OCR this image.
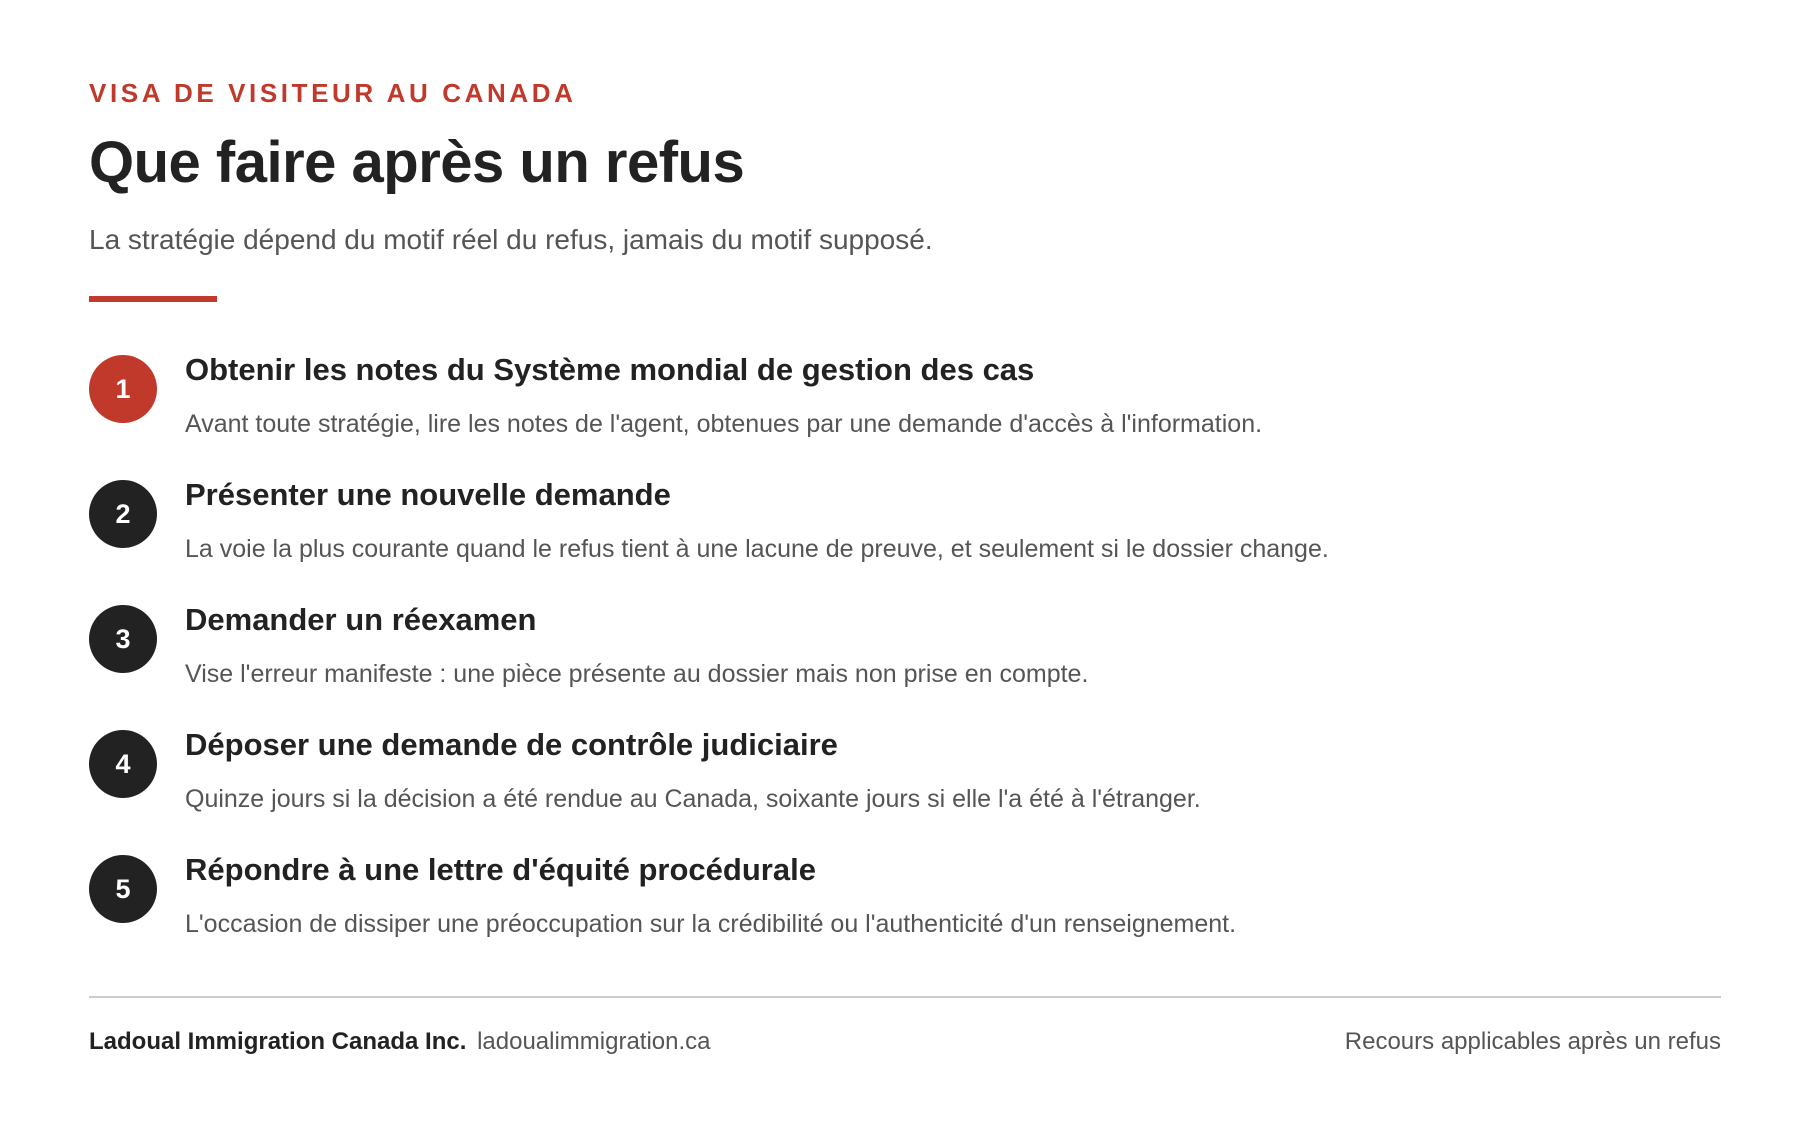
VISA DE VISITEUR AU CANADA
Que faire après un refus
La stratégie dépend du motif réel du refus, jamais du motif supposé.
1
Obtenir les notes du Système mondial de gestion des cas
Avant toute stratégie, lire les notes de l'agent, obtenues par une demande d'accès à l'information.
2
Présenter une nouvelle demande
La voie la plus courante quand le refus tient à une lacune de preuve, et seulement si le dossier change.
3
Demander un réexamen
Vise l'erreur manifeste : une pièce présente au dossier mais non prise en compte.
4
Déposer une demande de contrôle judiciaire
Quinze jours si la décision a été rendue au Canada, soixante jours si elle l'a été à l'étranger.
5
Répondre à une lettre d'équité procédurale
L'occasion de dissiper une préoccupation sur la crédibilité ou l'authenticité d'un renseignement.
Ladoual Immigration Canada Inc. ladoualimmigration.ca	Recours applicables après un refus
